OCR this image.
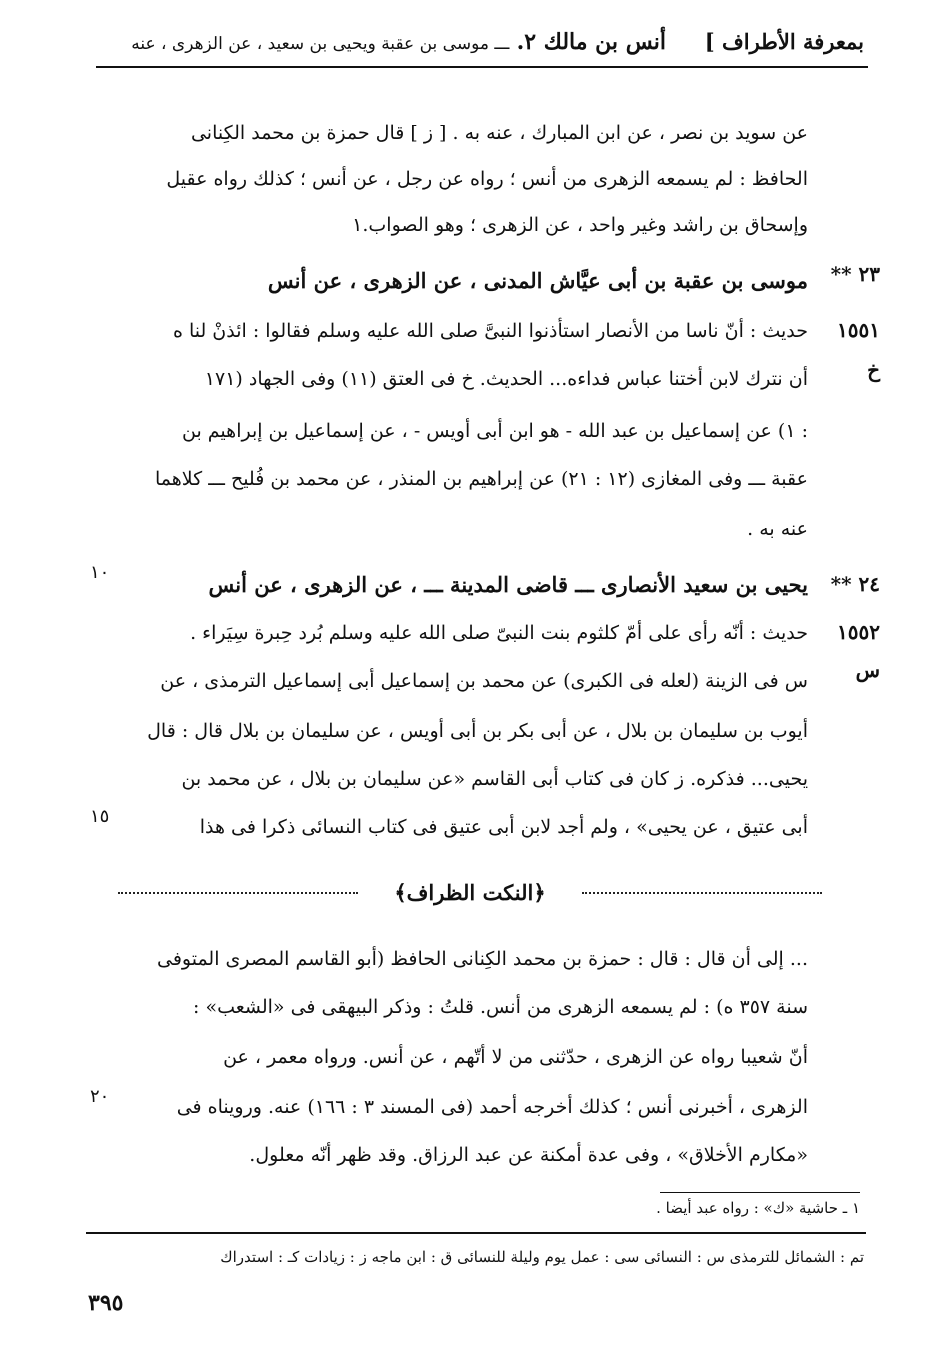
بمعرفة الأطراف ]
أنس بن مالك ٢. ـــ موسى بن عقبة ويحيى بن سعيد ، عن الزهرى ، عنه
عن سويد بن نصر ، عن ابن المبارك ، عنه به . [ ز ] قال حمزة بن محمد الكِنانى
الحافظ : لم يسمعه الزهرى من أنس ؛ رواه عن رجل ، عن أنس ؛ كذلك رواه عقيل
وإسحاق بن راشد وغير واحد ، عن الزهرى ؛ وهو الصواب.١
٢٣ **
موسى بن عقبة بن أبى عيَّاش المدنى ، عن الزهرى ، عن أنس
١٥٥١
خ
حديث : أنّ ناسا من الأنصار استأذنوا النبىَّ صلى الله عليه وسلم فقالوا : ائذنْ لنا ه
أن نترك لابن أختنا عباس فداءه... الحديث. خ فى العتق (١١) وفى الجهاد (١٧١
: ١) عن إسماعيل بن عبد الله - هو ابن أبى أويس - ، عن إسماعيل بن إبراهيم بن
عقبة ـــ وفى المغازى (١٢ : ٢١) عن إبراهيم بن المنذر ، عن محمد بن فُليح ـــ كلاهما
عنه به .
٢٤ **
يحيى بن سعيد الأنصارى ـــ قاضى المدينة ـــ ، عن الزهرى ، عن أنس
١٠
١٥٥٢
س
حديث : أنّه رأى على أمّ كلثوم بنت النبىّ صلى الله عليه وسلم بُرد حِبرة سِيَراء .
س فى الزينة (لعله فى الكبرى) عن محمد بن إسماعيل أبى إسماعيل الترمذى ، عن
أيوب بن سليمان بن بلال ، عن أبى بكر بن أبى أويس ، عن سليمان بن بلال قال : قال
يحيى... فذكره. ز كان فى كتاب أبى القاسم «عن سليمان بن بلال ، عن محمد بن
أبى عتيق ، عن يحيى» ، ولم أجد لابن أبى عتيق فى كتاب النسائى ذكرا فى هذا
١٥
﴿النكت الظراف﴾
... إلى أن قال : قال : حمزة بن محمد الكِنانى الحافظ (أبو القاسم المصرى المتوفى
سنة ٣٥٧ ه) : لم يسمعه الزهرى من أنس. قلتُ : وذكر البيهقى فى «الشعب» :
أنّ شعيبا رواه عن الزهرى ، حدّثنى من لا أتّهم ، عن أنس. ورواه معمر ، عن
الزهرى ، أخبرنى أنس ؛ كذلك أخرجه أحمد (فى المسند ٣ : ١٦٦) عنه. ورويناه فى
٢٠
«مكارم الأخلاق» ، وفى عدة أمكنة عن عبد الرزاق. وقد ظهر أنّه معلول.
١ ـ حاشية «ك» : رواه عبد أيضا .
تم : الشمائل للترمذى س : النسائى سى : عمل يوم وليلة للنسائى ق : ابن ماجه ز : زيادات كـ : استدراك
٣٩٥
